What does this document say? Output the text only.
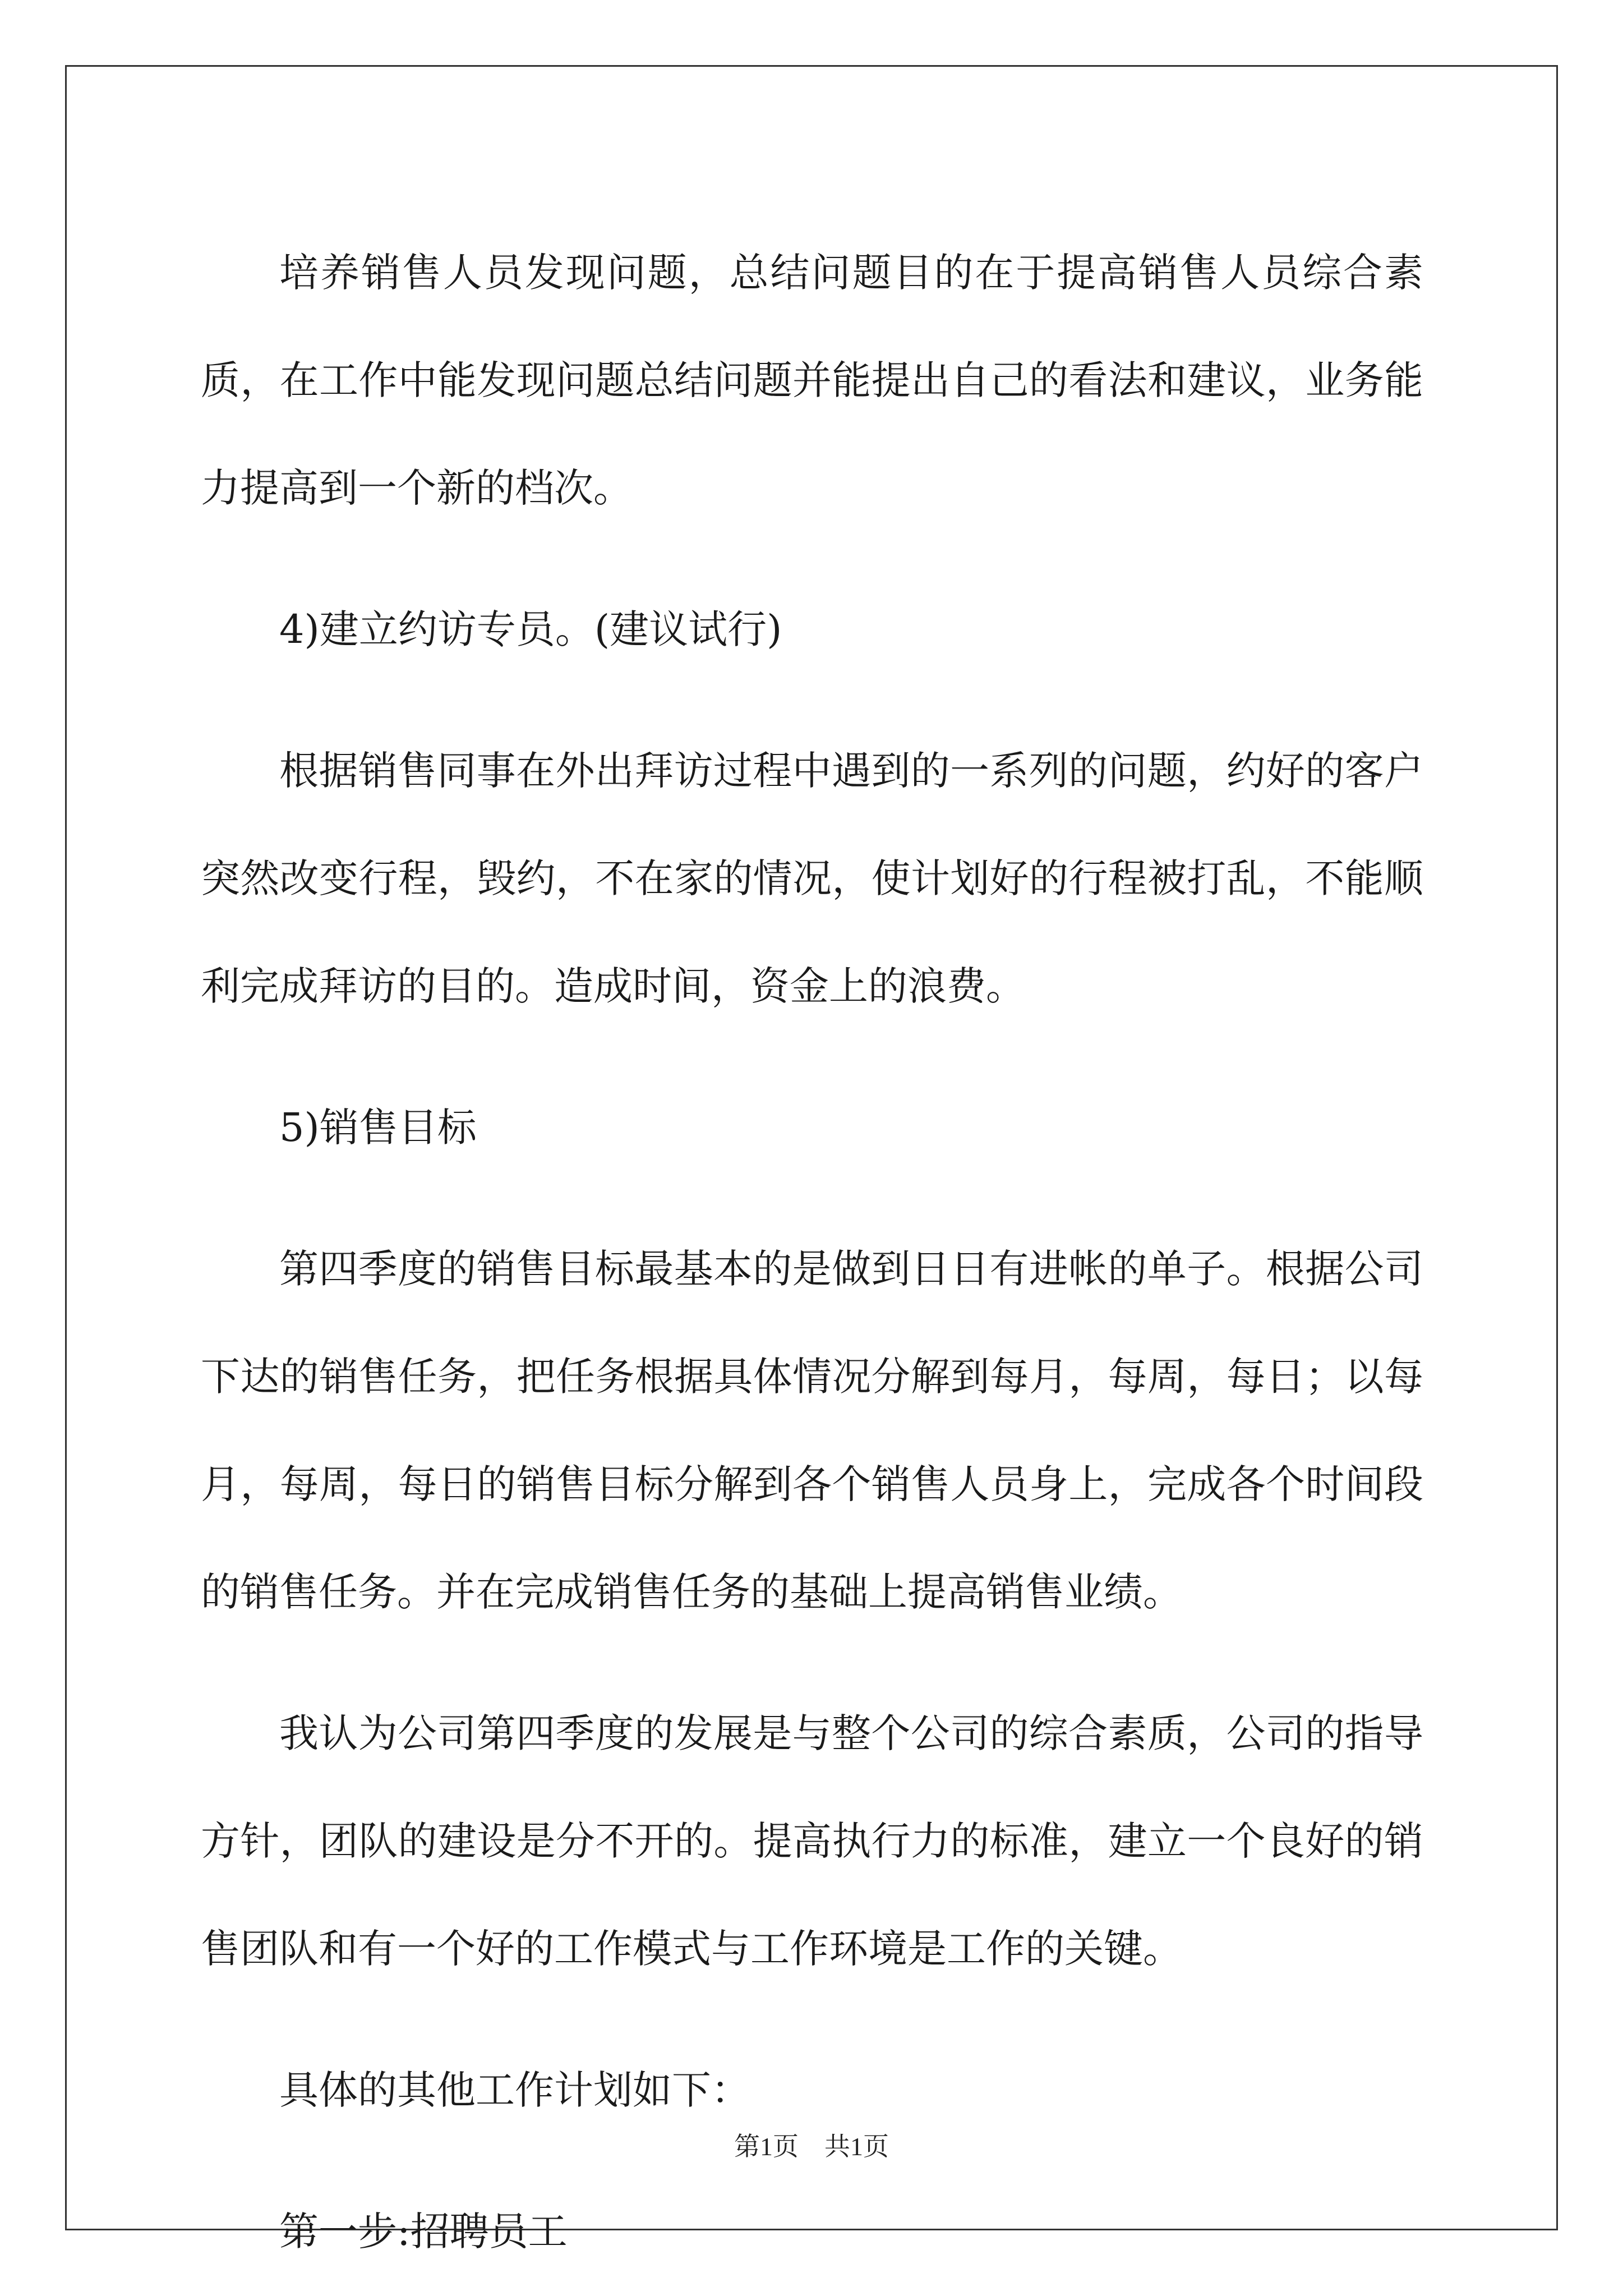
培养销售人员发现问题，总结问题目的在于提高销售人员综合素质，在工作中能发现问题总结问题并能提出自己的看法和建议，业务能力提高到一个新的档次。

4)建立约访专员。(建议试行)

根据销售同事在外出拜访过程中遇到的一系列的问题，约好的客户突然改变行程，毁约，不在家的情况，使计划好的行程被打乱，不能顺利完成拜访的目的。造成时间，资金上的浪费。

5)销售目标

第四季度的销售目标最基本的是做到日日有进帐的单子。根据公司下达的销售任务，把任务根据具体情况分解到每月，每周，每日；以每月，每周，每日的销售目标分解到各个销售人员身上，完成各个时间段的销售任务。并在完成销售任务的基础上提高销售业绩。

我认为公司第四季度的发展是与整个公司的综合素质，公司的指导方针，团队的建设是分不开的。提高执行力的标准，建立一个良好的销售团队和有一个好的工作模式与工作环境是工作的关键。

具体的其他工作计划如下：

第一步:招聘员工

第1页　共1页
